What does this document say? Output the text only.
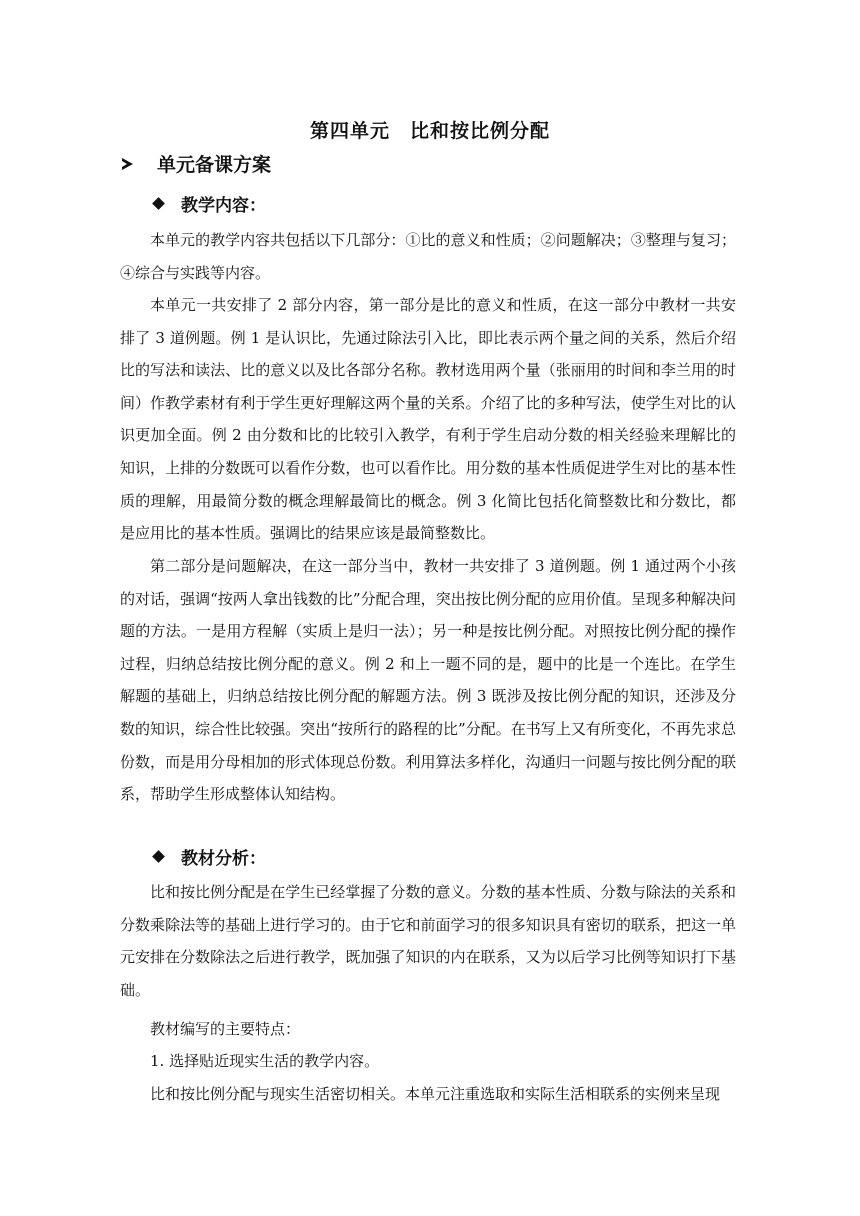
第四单元　比和按比例分配
单元备课方案
教学内容：

本单元的教学内容共包括以下几部分：①比的意义和性质；②问题解决；③整理与复习；④综合与实践等内容。

本单元一共安排了 2 部分内容，第一部分是比的意义和性质，在这一部分中教材一共安排了 3 道例题。例 1 是认识比，先通过除法引入比，即比表示两个量之间的关系，然后介绍比的写法和读法、比的意义以及比各部分名称。教材选用两个量（张丽用的时间和李兰用的时间）作教学素材有利于学生更好理解这两个量的关系。介绍了比的多种写法，使学生对比的认识更加全面。例 2 由分数和比的比较引入教学，有利于学生启动分数的相关经验来理解比的知识，上排的分数既可以看作分数，也可以看作比。用分数的基本性质促进学生对比的基本性质的理解，用最简分数的概念理解最简比的概念。例 3 化简比包括化简整数比和分数比，都是应用比的基本性质。强调比的结果应该是最简整数比。

第二部分是问题解决，在这一部分当中，教材一共安排了 3 道例题。例 1 通过两个小孩的对话，强调“按两人拿出钱数的比”分配合理，突出按比例分配的应用价值。呈现多种解决问题的方法。一是用方程解（实质上是归一法）；另一种是按比例分配。对照按比例分配的操作过程，归纳总结按比例分配的意义。例 2 和上一题不同的是，题中的比是一个连比。在学生解题的基础上，归纳总结按比例分配的解题方法。例 3 既涉及按比例分配的知识，还涉及分数的知识，综合性比较强。突出“按所行的路程的比”分配。在书写上又有所变化，不再先求总份数，而是用分母相加的形式体现总份数。利用算法多样化，沟通归一问题与按比例分配的联系，帮助学生形成整体认知结构。

教材分析：

比和按比例分配是在学生已经掌握了分数的意义。分数的基本性质、分数与除法的关系和分数乘除法等的基础上进行学习的。由于它和前面学习的很多知识具有密切的联系，把这一单元安排在分数除法之后进行教学，既加强了知识的内在联系，又为以后学习比例等知识打下基础。

教材编写的主要特点：
1. 选择贴近现实生活的教学内容。
比和按比例分配与现实生活密切相关。本单元注重选取和实际生活相联系的实例来呈现
